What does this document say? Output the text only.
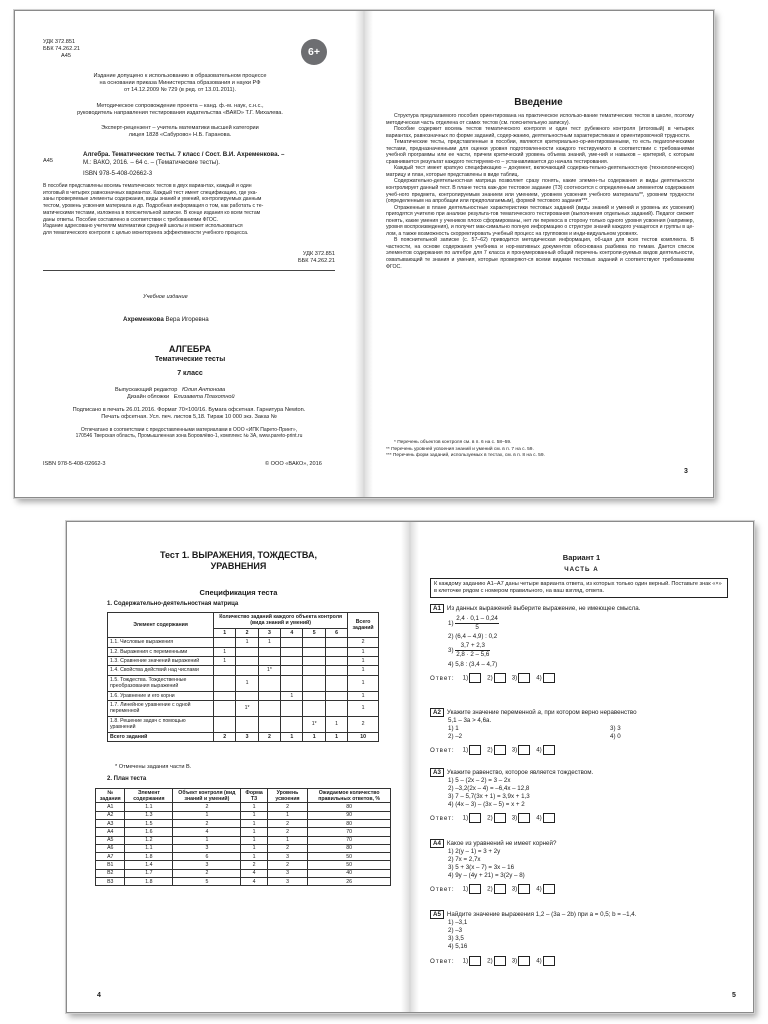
УДК 372.851
ББК 74.262.21
А45	6+
Издание допущено к использованию в образовательном процессе
на основании приказа Министерства образования и науки РФ
от 14.12.2009 № 729 (в ред. от 13.01.2011).
Методическое сопровождение проекта – канд. ф.-м. наук, с.н.с.,
руководитель направления тестирования издательства «ВАКО» Т.Г. Михалева.
Эксперт-рецензент – учитель математики высшей категории
лицея 1828 «Сабурово» Н.Б. Гаранова.
А45
Алгебра. Тематические тесты. 7 класс / Сост. В.И. Ахременкова. –
М.: ВАКО, 2016. – 64 с. – (Тематические тесты).
ISBN 978-5-408-02662-3
В пособии представлены восемь тематических тестов в двух вариантах, каждый и один
итоговый в четырех равнозначных вариантах. Каждый тест имеет спецификацию, где ука-
заны проверяемые элементы содержания, виды знаний и умений, контролируемых данным
тестом, уровень усвоения материала и др. Подробная информация о том, как работать с те-
матическими тестами, изложена в пояснительной записке. В конце издания ко всем тестам
даны ответы. Пособие составлено в соответствии с требованиями ФГОС.
Издание адресовано учителям математики средней школы и может использоваться
для тематического контроля с целью мониторинга эффективности учебного процесса.
УДК 372.851
ББК 74.262.21
Учебное издание
Ахременкова Вера Игоревна
АЛГЕБРА
Тематические тесты
7 класс
Выпускающий редактор Юлия Антонова
Дизайн обложки Елизавета Плахотной
Подписано в печать 26.01.2016. Формат 70×100/16. Бумага офсетная. Гарнитура Newton.
Печать офсетная. Усл. печ. листов 5,18. Тираж 10 000 экз. Заказ №
Отпечатано в соответствии с предоставленными материалами в ООО «ИПК Парето-Принт»,
170546 Тверская область, Промышленная зона Боровлёво-1, комплекс № 3А, www.pareto-print.ru
ISBN 978-5-408-02662-3	© ООО «ВАКО», 2016
Введение

Структура предлагаемого пособия ориентирована на практическое использо-вание тематических тестов в школе, поэтому методическая часть отделена от самих тестов (см. пояснительную записку).

Пособие содержит восемь тестов тематического контроля и один тест рубежного контроля (итоговый) в четырех вариантах, равнозначных по форме заданий, содер-жанию, деятельностным характеристикам и ориентировочной трудности.

Тематические тесты, представленные в пособии, являются критериально-ор-иентированными, то есть педагогическими тестами, предназначенными для оценки уровня подготовленности каждого тестируемого в соответствии с требованиями учебной программы или ее части, причем критический уровень объема знаний, уме-ний и навыков – критерий, с которым сравнивается результат каждого тестируемо-го – устанавливается до начала тестирования.

Каждый тест имеет краткую спецификацию – документ, включающий содержа-тельно-деятельностную (технологическую) матрицу и план, которые представлены в виде таблиц.

Содержательно-деятельностная матрица позволяет сразу понять, какие элемен-ты содержания и виды деятельности контролирует данный тест. В плане теста каж-дое тестовое задание (ТЗ) соотносится с определенным элементом содержания учеб-ного предмета, контролируемым знанием или умением, уровнем усвоения учебного материала**, уровнем трудности (определенным на апробации или предполагаемым), формой тестового задания***.

Отраженные в плане деятельностные характеристики тестовых заданий (виды знаний и умений и уровень их усвоения) пригодятся учителю при анализе результа-тов тематического тестирования (выполнения отдельных заданий). Педагог сможет понять, какие умения у учеников плохо сформированы, нет ли перекоса в сторону только одного уровня усвоения (например, уровня воспроизведения), и получит мак-симально полную информацию о структуре знаний каждого учащегося и группы в це-лом, а также возможность скорректировать учебный процесс на групповом и инди-видуальном уровнях.

В пояснительной записке (с. 57–62) приводится методическая информация, об-щая для всех тестов комплекта. В частности, на основе содержания учебника и нор-мативных документов обоснована разбивка по темам. Дается список элементов содержания по алгебре для 7 класса и пронумерованный общий перечень контроли-руемых видов деятельности, охватывающий те знания и умения, которые проверяют-ся всеми видами тестовых заданий и соответствуют требованиям ФГОС.

* Перечень объектов контроля см. в п. 6 на с. 58–59.
** Перечень уровней усвоения знаний и умений см. в п. 7 на с. 59.
*** Перечень форм заданий, используемых в тестах, см. в п. 8 на с. 59.
3
Тест 1. ВЫРАЖЕНИЯ, ТОЖДЕСТВА,
УРАВНЕНИЯ
Спецификация теста
1. Содержательно-деятельностная матрица
Элемент содержания	Количество заданий каждого объекта контроля (вида знаний и умений)						Всего заданий
	1	2	3	4	5	6	
1.1. Числовые выражения		1	1				2
1.2. Выражения с переменными	1						1
1.3. Сравнение значений выражений	1						1
1.4. Свойства действий над числами			1*				1
1.5. Тождества. Тождественные преобразования выражений		1					1
1.6. Уравнение и его корни				1			1
1.7. Линейное уравнение с одной переменной		1*					1
1.8. Решение задач с помощью уравнений					1*	1	2
Всего заданий	2	3	2	1	1	1	10
* Отмечены задания части В.
2. План теста
№ задания	Элемент содержания	Объект контроля (вид знаний и умений)	Форма ТЗ	Уровень усвоения	Ожидаемое количество правильных ответов, %
А1	1.1	2	1	2	80
А2	1.3	1	1	1	90
А3	1.5	2	1	2	80
А4	1.6	4	1	2	70
А5	1.2	1	1	1	70
А6	1.1	3	1	2	80
А7	1.8	6	1	3	50
В1	1.4	3	2	2	50
В2	1.7	2	4	3	40
В3	1.8	5	4	3	26
4
Вариант 1
ЧАСТЬ А
К каждому заданию А1–А7 даны четыре варианта ответа, из которых только один верный. Поставьте знак «×» в клеточке рядом с номером правильного, на ваш взгляд, ответа.
А1 Из данных выражений выберите выражение, не имеющее смысла.
$1) \frac{2,4 \cdot 0,1 - 0,24}{5}$
2) (6,4 – 4,9) : 0,2
$3) \frac{3,7 + 2,3}{2,8 \cdot 2 - 5,6}$
4) 5,8 : (3,4 – 4,7)
Ответ: 1)	2)	3)	4)
А2 Укажите значение переменной a, при котором верно неравенство
5,1 – 3a > 4,6a.
1) 1
2) –2
3) 3
4) 0
Ответ: 1)	2)	3)	4)
А3 Укажите равенство, которое является тождеством.
1) 5 – (2x – 2) = 3 – 2x
2) –3,2(2x – 4) = –6,4x – 12,8
3) 7 – 5,7(3x + 1) = 3,9x + 1,3
4) (4x – 3) – (3x – 5) = x + 2
Ответ: 1)	2)	3)	4)
А4 Какое из уравнений не имеет корней?
1) 2(y – 1) = 3 + 2y
2) 7x = 2,7x
3) 5 + 3(x – 7) = 3x – 16
4) 9y – (4y + 21) = 3(2y – 8)
Ответ: 1)	2)	3)	4)
А5 Найдите значение выражения 1,2 – (3a – 2b) при a = 0,5; b = –1,4.
1) –3,1
2) –3
3) 3,5
4) 5,16
Ответ: 1)	2)	3)	4)
5
